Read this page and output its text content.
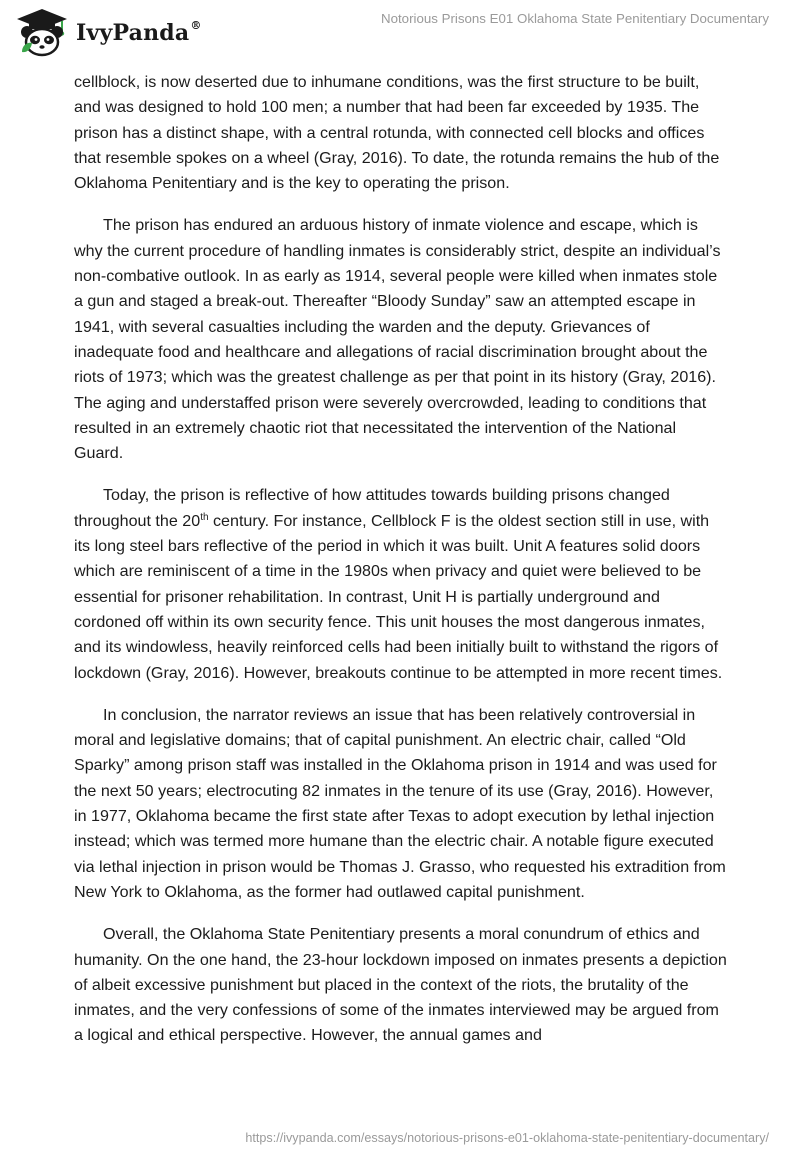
IvyPanda®	Notorious Prisons E01 Oklahoma State Penitentiary Documentary

cellblock, is now deserted due to inhumane conditions, was the first structure to be built, and was designed to hold 100 men; a number that had been far exceeded by 1935. The prison has a distinct shape, with a central rotunda, with connected cell blocks and offices that resemble spokes on a wheel (Gray, 2016). To date, the rotunda remains the hub of the Oklahoma Penitentiary and is the key to operating the prison.

The prison has endured an arduous history of inmate violence and escape, which is why the current procedure of handling inmates is considerably strict, despite an individual’s non-combative outlook. In as early as 1914, several people were killed when inmates stole a gun and staged a break-out. Thereafter “Bloody Sunday” saw an attempted escape in 1941, with several casualties including the warden and the deputy. Grievances of inadequate food and healthcare and allegations of racial discrimination brought about the riots of 1973; which was the greatest challenge as per that point in its history (Gray, 2016). The aging and understaffed prison were severely overcrowded, leading to conditions that resulted in an extremely chaotic riot that necessitated the intervention of the National Guard.

Today, the prison is reflective of how attitudes towards building prisons changed throughout the 20th century. For instance, Cellblock F is the oldest section still in use, with its long steel bars reflective of the period in which it was built. Unit A features solid doors which are reminiscent of a time in the 1980s when privacy and quiet were believed to be essential for prisoner rehabilitation. In contrast, Unit H is partially underground and cordoned off within its own security fence. This unit houses the most dangerous inmates, and its windowless, heavily reinforced cells had been initially built to withstand the rigors of lockdown (Gray, 2016). However, breakouts continue to be attempted in more recent times.

In conclusion, the narrator reviews an issue that has been relatively controversial in moral and legislative domains; that of capital punishment. An electric chair, called “Old Sparky” among prison staff was installed in the Oklahoma prison in 1914 and was used for the next 50 years; electrocuting 82 inmates in the tenure of its use (Gray, 2016). However, in 1977, Oklahoma became the first state after Texas to adopt execution by lethal injection instead; which was termed more humane than the electric chair. A notable figure executed via lethal injection in prison would be Thomas J. Grasso, who requested his extradition from New York to Oklahoma, as the former had outlawed capital punishment.

Overall, the Oklahoma State Penitentiary presents a moral conundrum of ethics and humanity. On the one hand, the 23-hour lockdown imposed on inmates presents a depiction of albeit excessive punishment but placed in the context of the riots, the brutality of the inmates, and the very confessions of some of the inmates interviewed may be argued from a logical and ethical perspective. However, the annual games and

https://ivypanda.com/essays/notorious-prisons-e01-oklahoma-state-penitentiary-documentary/
